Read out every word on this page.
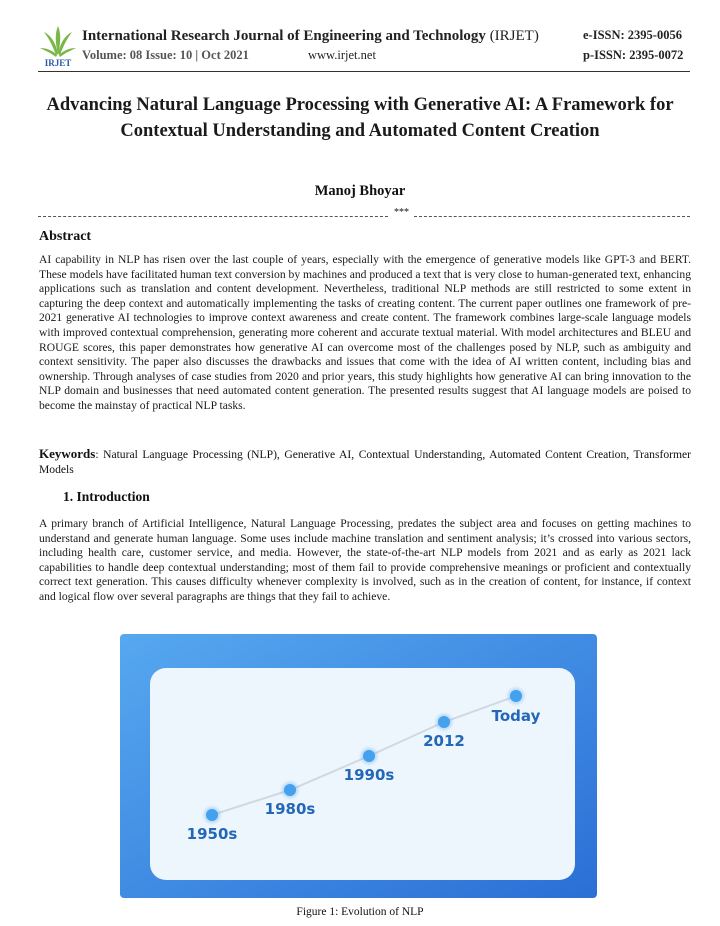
IRJET
International Research Journal of Engineering and Technology (IRJET)
Volume: 08 Issue: 10 | Oct 2021	www.irjet.net
e-ISSN: 2395-0056
p-ISSN: 2395-0072
Advancing Natural Language Processing with Generative AI: A Framework for Contextual Understanding and Automated Content Creation
Manoj Bhoyar
***
Abstract
AI capability in NLP has risen over the last couple of years, especially with the emergence of generative models like GPT-3 and BERT. These models have facilitated human text conversion by machines and produced a text that is very close to human-generated text, enhancing applications such as translation and content development. Nevertheless, traditional NLP methods are still restricted to some extent in capturing the deep context and automatically implementing the tasks of creating content. The current paper outlines one framework of pre-2021 generative AI technologies to improve context awareness and create content. The framework combines large-scale language models with improved contextual comprehension, generating more coherent and accurate textual material. With model architectures and BLEU and ROUGE scores, this paper demonstrates how generative AI can overcome most of the challenges posed by NLP, such as ambiguity and context sensitivity. The paper also discusses the drawbacks and issues that come with the idea of AI written content, including bias and ownership. Through analyses of case studies from 2020 and prior years, this study highlights how generative AI can bring innovation to the NLP domain and businesses that need automated content generation. The presented results suggest that AI language models are poised to become the mainstay of practical NLP tasks.
Keywords: Natural Language Processing (NLP), Generative AI, Contextual Understanding, Automated Content Creation, Transformer Models
1. Introduction
A primary branch of Artificial Intelligence, Natural Language Processing, predates the subject area and focuses on getting machines to understand and generate human language. Some uses include machine translation and sentiment analysis; it’s crossed into various sectors, including health care, customer service, and media. However, the state-of-the-art NLP models from 2021 and as early as 2021 lack capabilities to handle deep contextual understanding; most of them fail to provide comprehensive meanings or proficient and contextually correct text generation. This causes difficulty whenever complexity is involved, such as in the creation of content, for instance, if context and logical flow over several paragraphs are things that they fail to achieve.
1950s
1980s
1990s
2012
Today
Figure 1: Evolution of NLP
